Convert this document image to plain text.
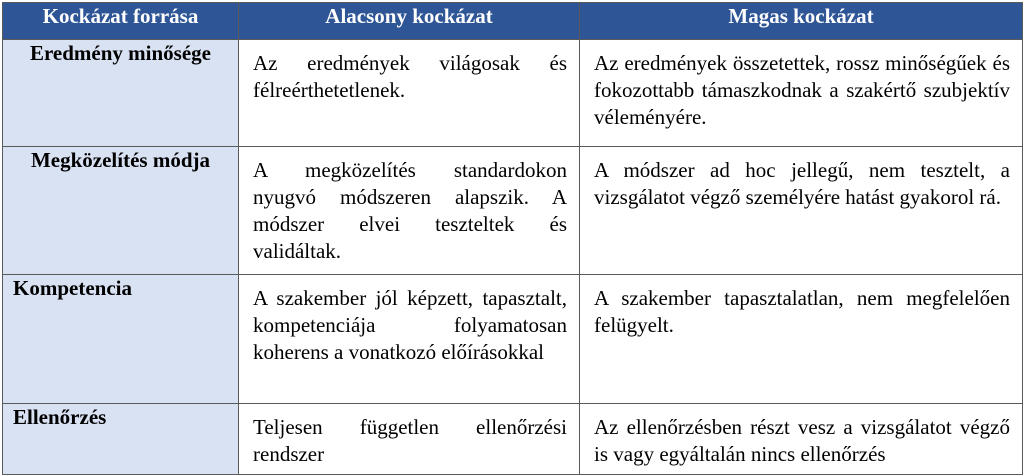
Kockázat forrása	Alacsony kockázat	Magas kockázat
Eredmény minősége	Az eredmények világosak és félreérthetetlenek.	Az eredmények összetettek, rossz minőségűek és fokozottabb támaszkodnak a szakértő szubjektív véleményére.
Megközelítés módja	A megközelítés standardokon nyugvó módszeren alapszik. A módszer elvei teszteltek és validáltak.	A módszer ad hoc jellegű, nem tesztelt, a vizsgálatot végző személyére hatást gyakorol rá.
Kompetencia	A szakember jól képzett, tapasztalt, kompetenciája folyamatosan koherens a vonatkozó előírásokkal	A szakember tapasztalatlan, nem megfelelően felügyelt.
Ellenőrzés	Teljesen független ellenőrzési rendszer	Az ellenőrzésben részt vesz a vizsgálatot végző is vagy egyáltalán nincs ellenőrzés
